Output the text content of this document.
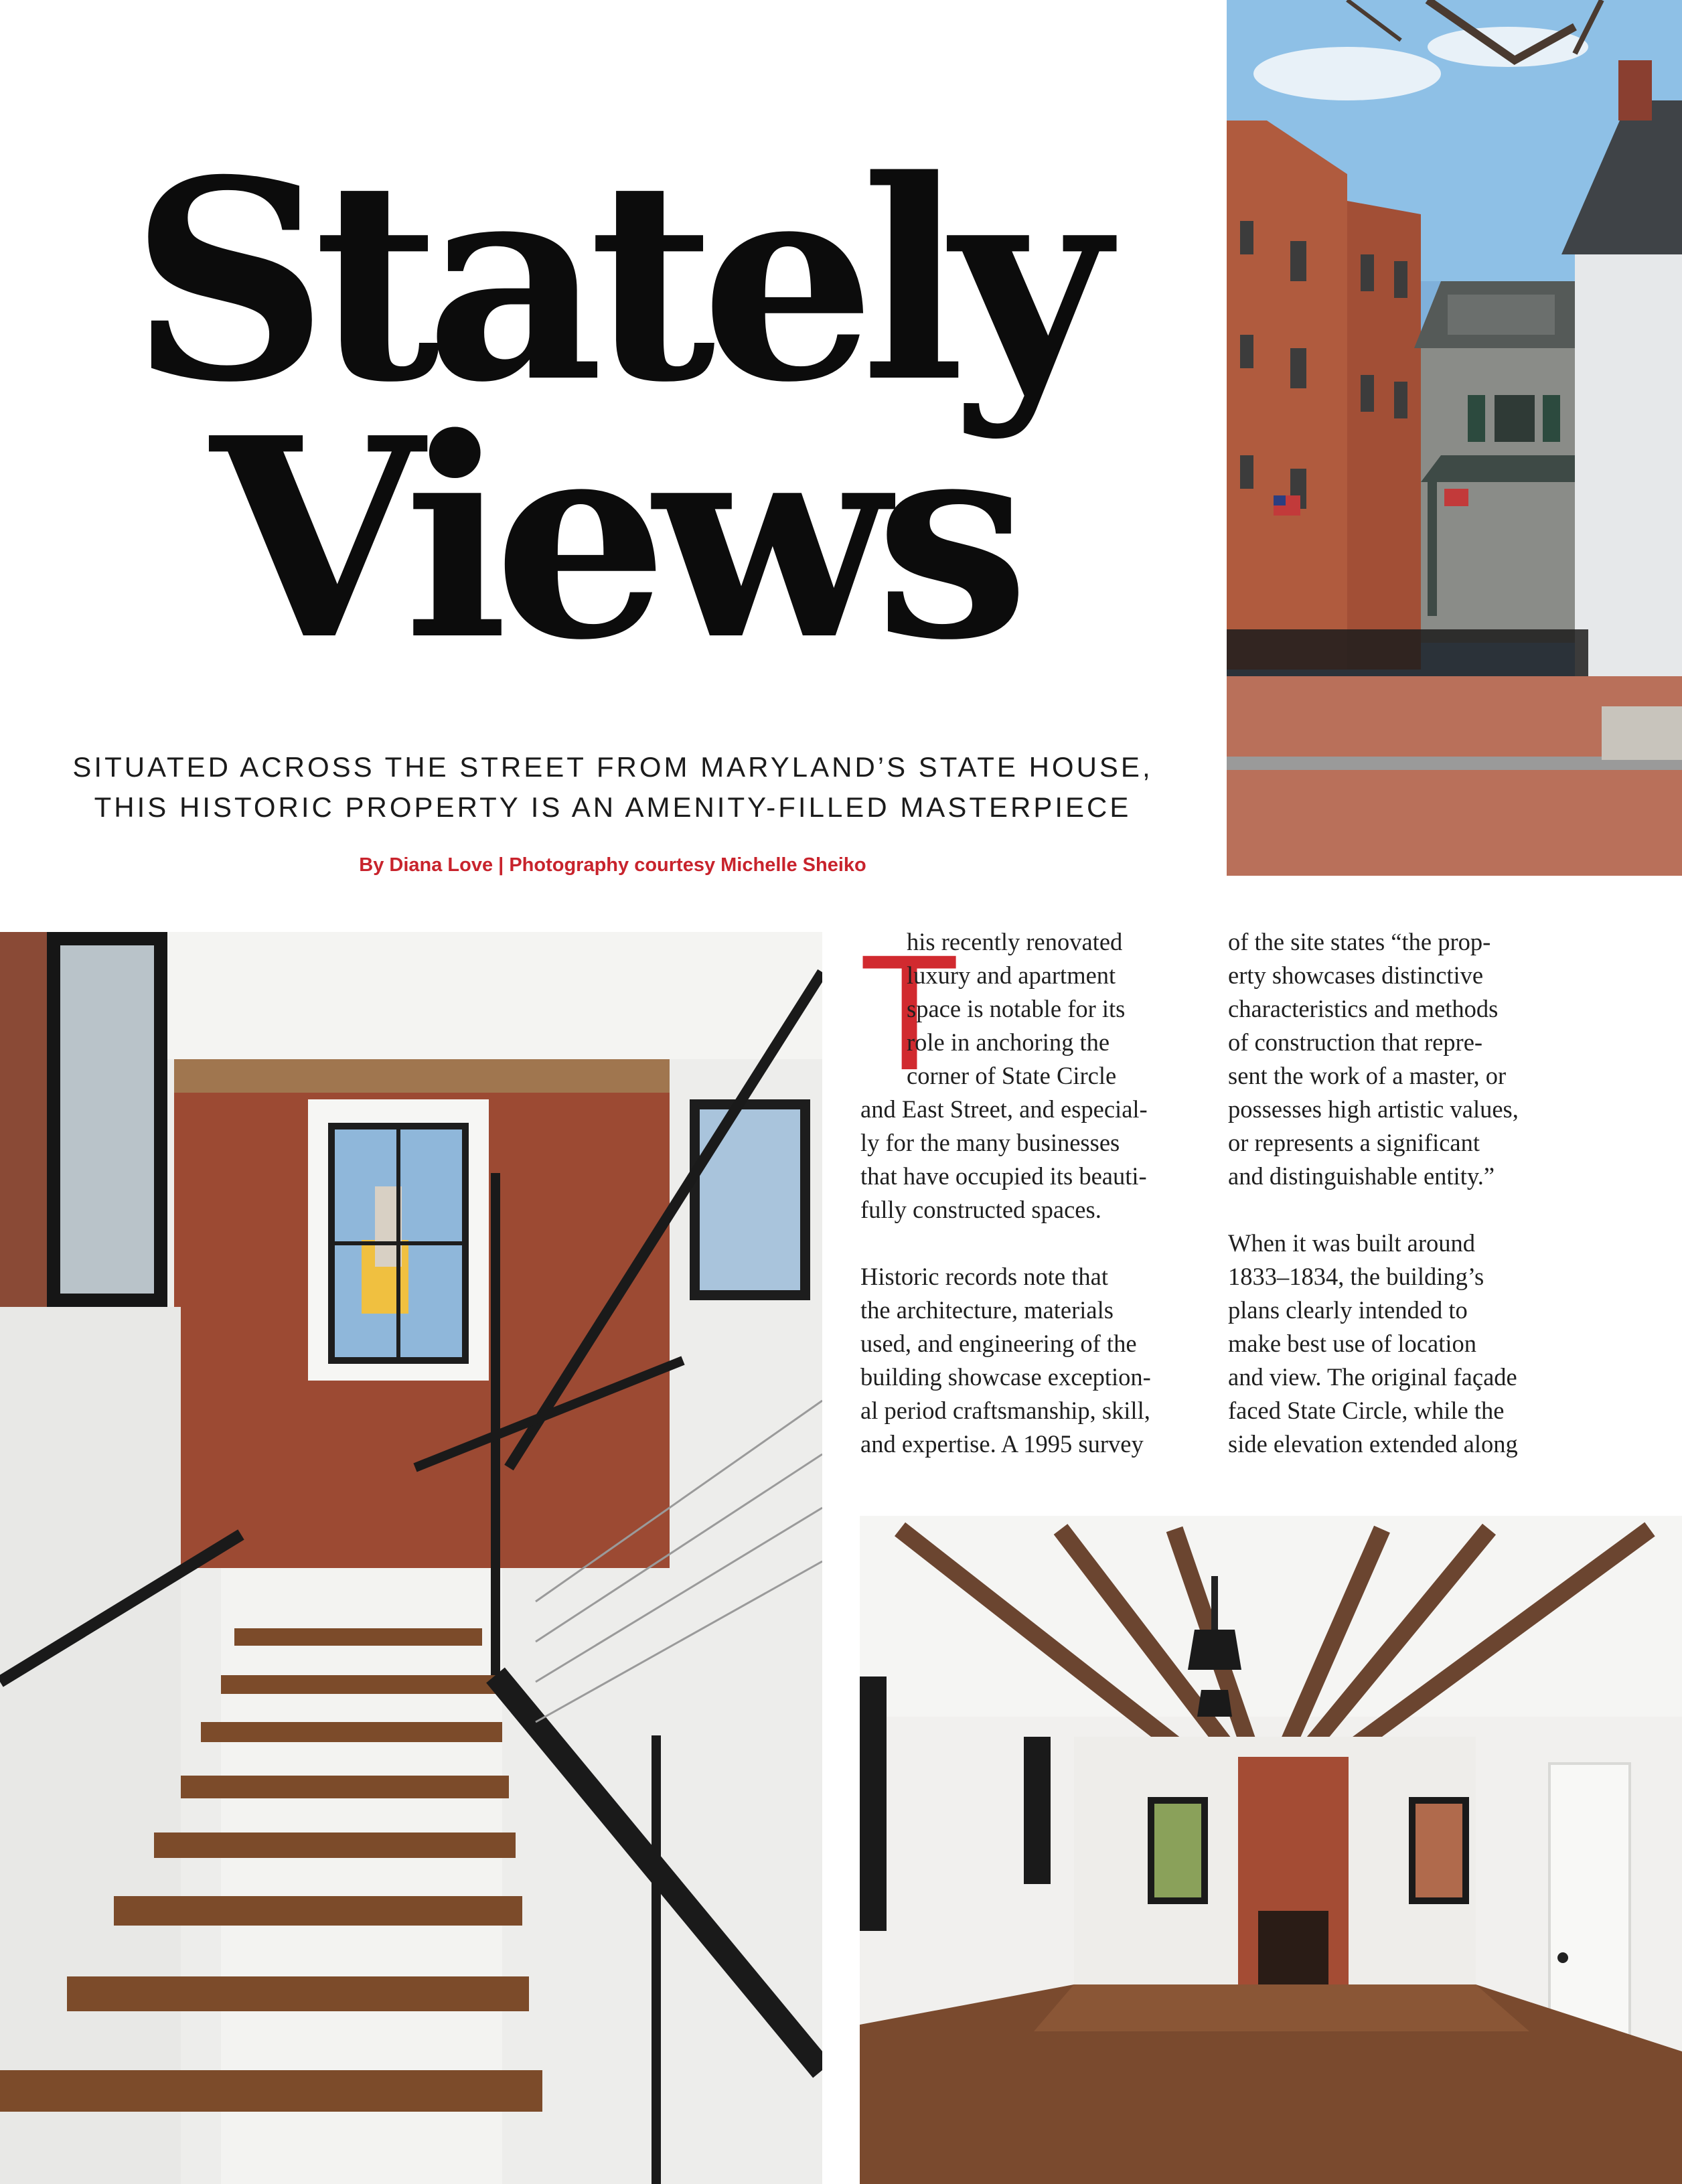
Stately
Views
SITUATED ACROSS THE STREET FROM MARYLAND’S STATE HOUSE,
THIS HISTORIC PROPERTY IS AN AMENITY-FILLED MASTERPIECE
By Diana Love | Photography courtesy Michelle Sheiko
T

his recently renovated

luxury and apartment

space is notable for its

role in anchoring the

corner of State Circle

and East Street, and especial-

ly for the many businesses

that have occupied its beauti-

fully constructed spaces.

Historic records note that

the architecture, materials

used, and engineering of the

building showcase exception-

al period craftsmanship, skill,

and expertise. A 1995 survey

of the site states “the prop-

erty showcases distinctive

characteristics and methods

of construction that repre-

sent the work of a master, or

possesses high artistic values,

or represents a significant

and distinguishable entity.”

When it was built around

1833–1834, the building’s

plans clearly intended to

make best use of location

and view. The original façade

faced State Circle, while the

side elevation extended along
